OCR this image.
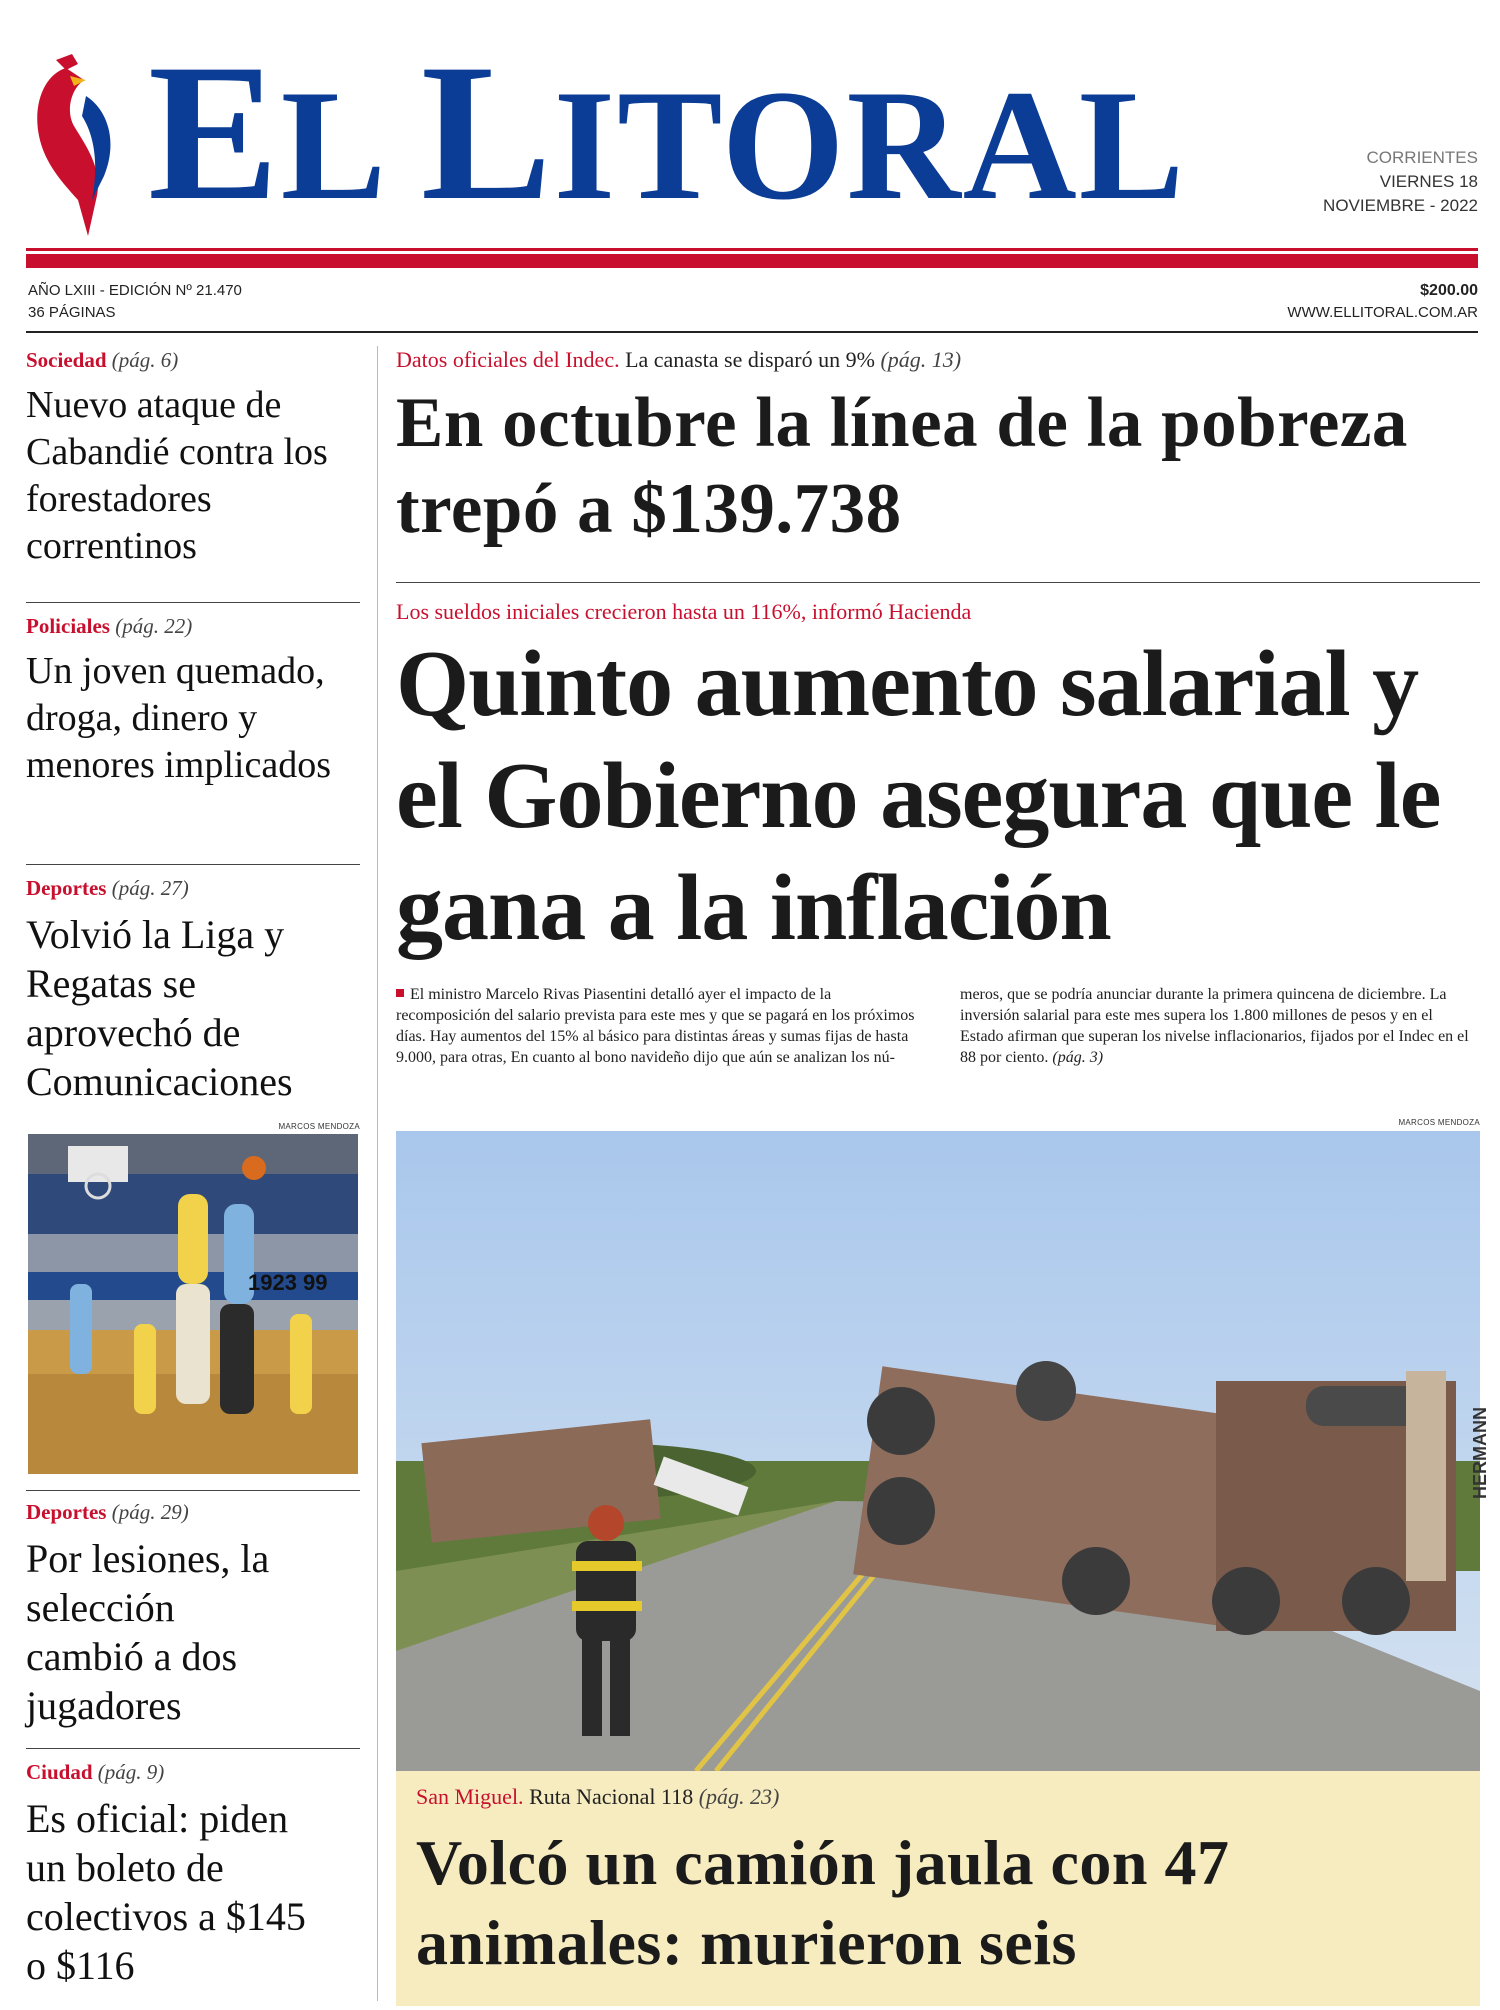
EL LITORAL	CORRIENTES
VIERNES 18
NOVIEMBRE - 2022
AÑO LXIII - EDICIÓN Nº 21.470
36 PÁGINAS
$200.00
WWW.ELLITORAL.COM.AR
Sociedad (pág. 6)
Nuevo ataque de Cabandié contra los forestadores correntinos
Policiales (pág. 22)
Un joven quemado, droga, dinero y menores implicados
Deportes (pág. 27)
Volvió la Liga y Regatas se aprovechó de Comunicaciones
MARCOS MENDOZA
1923 99
Deportes (pág. 29)
Por lesiones, la selección cambió a dos jugadores
Ciudad (pág. 9)
Es oficial: piden un boleto de colectivos a $145 o $116
Datos oficiales del Indec. La canasta se disparó un 9% (pág. 13)
En octubre la línea de la pobreza trepó a $139.738
Los sueldos iniciales crecieron hasta un 116%, informó Hacienda
Quinto aumento salarial y el Gobierno asegura que le gana a la inflación
El ministro Marcelo Rivas Piasentini detalló ayer el impacto de la recomposición del salario prevista para este mes y que se pagará en los próximos días. Hay aumentos del 15% al básico para distintas áreas y sumas fijas de hasta 9.000, para otras, En cuanto al bono navideño dijo que aún se analizan los nú-
meros, que se podría anunciar durante la primera quincena de diciembre. La inversión salarial para este mes supera los 1.800 millones de pesos y en el Estado afirman que superan los nivelse inflacionarios, fijados por el Indec en el 88 por ciento. (pág. 3)
MARCOS MENDOZA
HERMANN
San Miguel. Ruta Nacional 118 (pág. 23)
Volcó un camión jaula con 47 animales: murieron seis
